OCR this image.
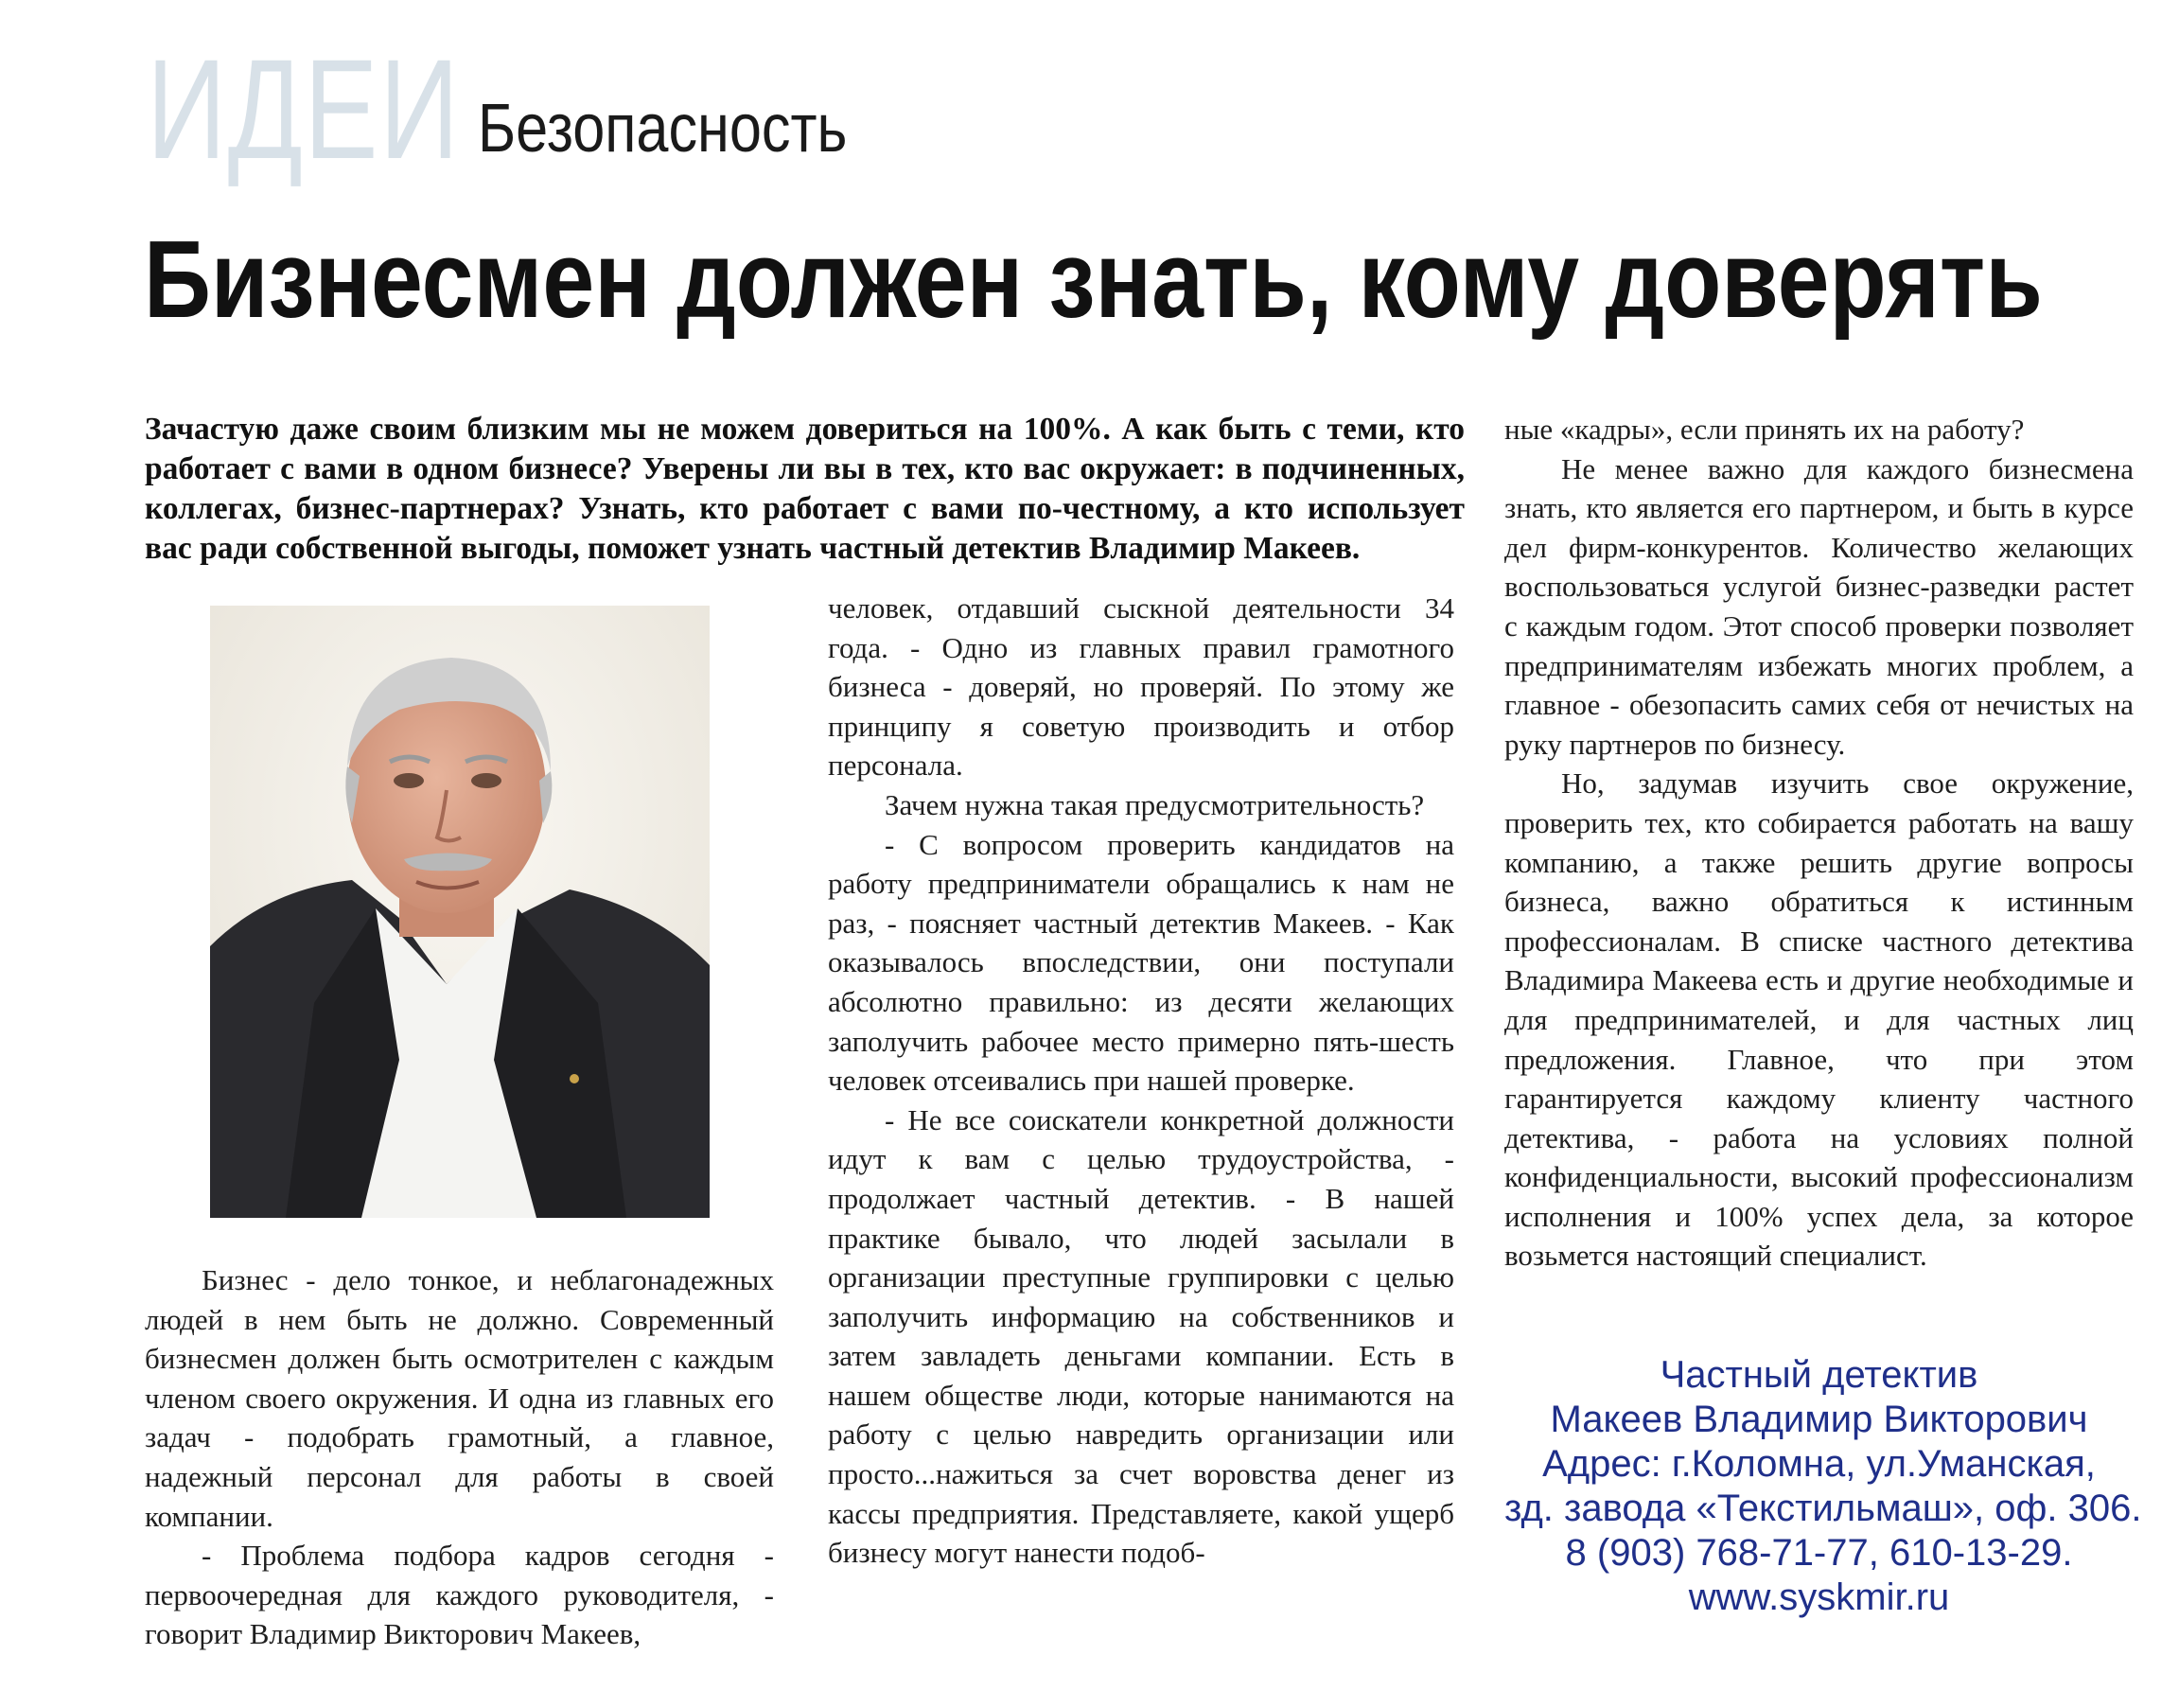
ИДЕИ Безопасность
Бизнесмен должен знать, кому доверять
Зачастую даже своим близким мы не можем довериться на 100%. А как быть с теми, кто
работает с вами в одном бизнесе? Уверены ли вы в тех, кто вас окружает: в подчиненных,
коллегах, бизнес-партнерах? Узнать, кто работает с вами по-честному, а кто использует
вас ради собственной выгоды, поможет узнать частный детектив Владимир Макеев.

Бизнес - дело тонкое, и неблагонадежных людей в нем быть не должно. Современный бизнесмен должен быть осмотрителен с каждым членом своего окружения. И одна из главных его задач - подобрать грамотный, а главное, надежный персонал для работы в своей компании.

- Проблема подбора кадров сегодня - первоочередная для каждого руководителя, - говорит Владимир Викторович Макеев,

человек, отдавший сыскной деятельности 34 года. - Одно из главных правил грамотного бизнеса - доверяй, но проверяй. По этому же принципу я советую производить и отбор персонала.

Зачем нужна такая предусмотрительность?

- С вопросом проверить кандидатов на работу предприниматели обращались к нам не раз, - поясняет частный детектив Макеев. - Как оказывалось впоследствии, они поступали абсолютно правильно: из десяти желающих заполучить рабочее место примерно пять-шесть человек отсеивались при нашей проверке.

- Не все соискатели конкретной должности идут к вам с целью трудоустройства, - продолжает частный детектив. - В нашей практике бывало, что людей засылали в организации преступные группировки с целью заполучить информацию на собственников и затем завладеть деньгами компании. Есть в нашем обществе люди, которые нанимаются на работу с целью навредить организации или просто...нажиться за счет воровства денег из кассы предприятия. Представляете, какой ущерб бизнесу могут нанести подоб-

ные «кадры», если принять их на работу?

Не менее важно для каждого бизнесмена знать, кто является его партнером, и быть в курсе дел фирм-конкурентов. Количество желающих воспользоваться услугой бизнес-разведки растет с каждым годом. Этот способ проверки позволяет предпринимателям избежать многих проблем, а главное - обезопасить самих себя от нечистых на руку партнеров по бизнесу.

Но, задумав изучить свое окружение, проверить тех, кто собирается работать на вашу компанию, а также решить другие вопросы бизнеса, важно обратиться к истинным профессионалам. В списке частного детектива Владимира Макеева есть и другие необходимые и для предпринимателей, и для частных лиц предложения. Главное, что при этом гарантируется каждому клиенту частного детектива, - работа на условиях полной конфиденциальности, высокий профессионализм исполнения и 100% успех дела, за которое возьмется настоящий специалист.

Частный детектив
Макеев Владимир Викторович
Адрес: г.Коломна, ул.Уманская,
зд. завода «Текстильмаш», оф. 306.
8 (903) 768-71-77, 610-13-29.
www.syskmir.ru
